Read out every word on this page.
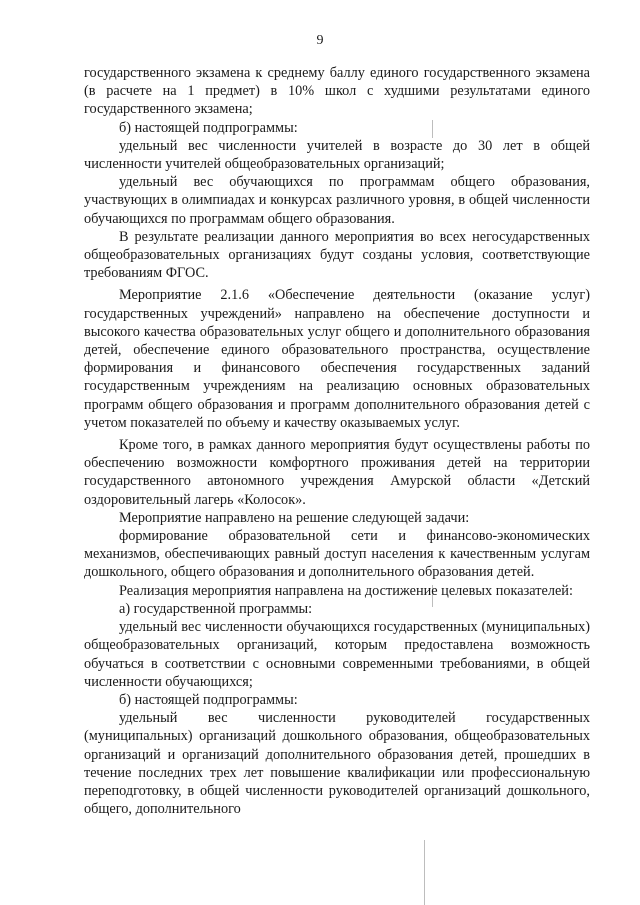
9

государственного экзамена к среднему баллу единого государственного экзамена (в расчете на 1 предмет) в 10% школ с худшими результатами единого государственного экзамена;

б) настоящей подпрограммы:

удельный вес численности учителей в возрасте до 30 лет в общей численности учителей общеобразовательных организаций;

удельный вес обучающихся по программам общего образования, участвующих в олимпиадах и конкурсах различного уровня, в общей численности обучающихся по программам общего образования.

В результате реализации данного мероприятия во всех негосударственных общеобразовательных организациях будут созданы условия, соответствующие требованиям ФГОС.

Мероприятие 2.1.6 «Обеспечение деятельности (оказание услуг) государственных учреждений» направлено на обеспечение доступности и высокого качества образовательных услуг общего и дополнительного образования детей, обеспечение единого образовательного пространства, осуществление формирования и финансового обеспечения государственных заданий государственным учреждениям на реализацию основных образовательных программ общего образования и программ дополнительного образования детей с учетом показателей по объему и качеству оказываемых услуг.

Кроме того, в рамках данного мероприятия будут осуществлены работы по обеспечению возможности комфортного проживания детей на территории государственного автономного учреждения Амурской области «Детский оздоровительный лагерь «Колосок».

Мероприятие направлено на решение следующей задачи:

формирование образовательной сети и финансово-экономических механизмов, обеспечивающих равный доступ населения к качественным услугам дошкольного, общего образования и дополнительного образования детей.

Реализация мероприятия направлена на достижение целевых показателей:

а) государственной программы:

удельный вес численности обучающихся государственных (муниципальных) общеобразовательных организаций, которым предоставлена возможность обучаться в соответствии с основными современными требованиями, в общей численности обучающихся;

б) настоящей подпрограммы:

удельный вес численности руководителей государственных (муниципальных) организаций дошкольного образования, общеобразовательных организаций и организаций дополнительного образования детей, прошедших в течение последних трех лет повышение квалификации или профессиональную переподготовку, в общей численности руководителей организаций дошкольного, общего, дополнительного
